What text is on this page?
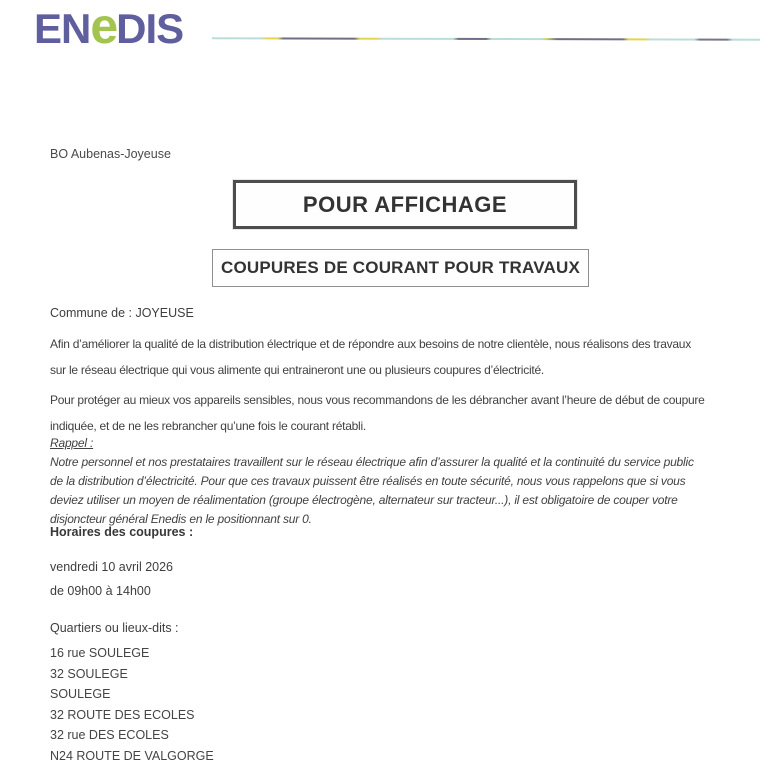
ENeDIS
BO Aubenas-Joyeuse
POUR AFFICHAGE
COUPURES DE COURANT POUR TRAVAUX
Commune de : JOYEUSE
Afin d’améliorer la qualité de la distribution électrique et de répondre aux besoins de notre clientèle, nous réalisons des travaux
sur le réseau électrique qui vous alimente qui entraineront une ou plusieurs coupures d’électricité.
Pour protéger au mieux vos appareils sensibles, nous vous recommandons de les débrancher avant l’heure de début de coupure
indiquée, et de ne les rebrancher qu’une fois le courant rétabli.
Rappel :
Notre personnel et nos prestataires travaillent sur le réseau électrique afin d’assurer la qualité et la continuité du service public
de la distribution d’électricité. Pour que ces travaux puissent être réalisés en toute sécurité, nous vous rappelons que si vous
deviez utiliser un moyen de réalimentation (groupe électrogène, alternateur sur tracteur...), il est obligatoire de couper votre
disjoncteur général Enedis en le positionnant sur 0.
Horaires des coupures :
vendredi 10 avril 2026
de 09h00 à 14h00
Quartiers ou lieux-dits :
16 rue SOULEGE
32 SOULEGE
SOULEGE
32 ROUTE DES ECOLES
32 rue DES ECOLES
N24 ROUTE DE VALGORGE
